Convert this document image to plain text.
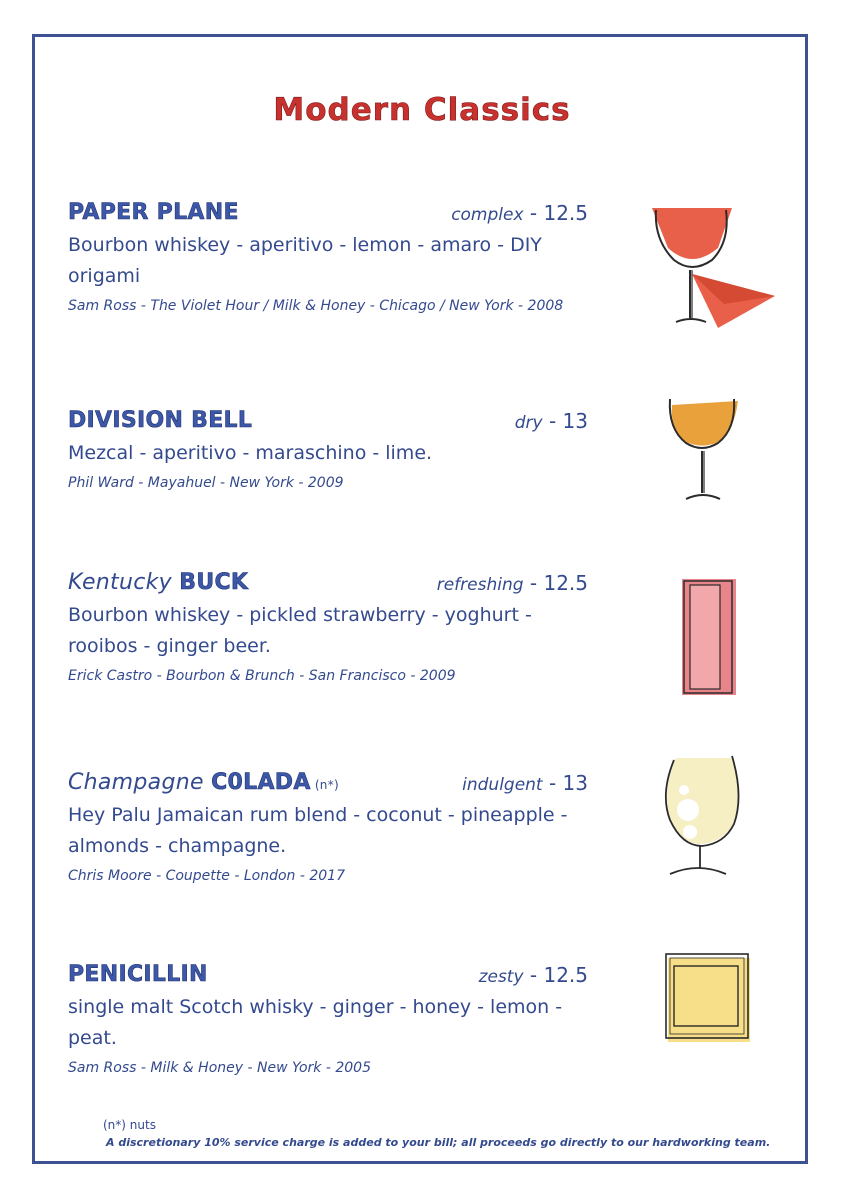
Modern Classics
PAPER PLANE	complex - 12.5
Bourbon whiskey - aperitivo - lemon - amaro - DIY origami
Sam Ross - The Violet Hour / Milk & Honey - Chicago / New York - 2008
DIVISION BELL	dry - 13
Mezcal - aperitivo - maraschino - lime.
Phil Ward - Mayahuel - New York - 2009
Kentucky BUCK	refreshing - 12.5
Bourbon whiskey - pickled strawberry - yoghurt - rooibos - ginger beer.
Erick Castro - Bourbon & Brunch - San Francisco - 2009
Champagne C0LADA (n*)	indulgent - 13
Hey Palu Jamaican rum blend - coconut - pineapple - almonds - champagne.
Chris Moore - Coupette - London - 2017
PENICILLIN	zesty - 12.5
single malt Scotch whisky - ginger - honey - lemon - peat.
Sam Ross - Milk & Honey - New York - 2005
(n*) nuts
A discretionary 10% service charge is added to your bill; all proceeds go directly to our hardworking team.
